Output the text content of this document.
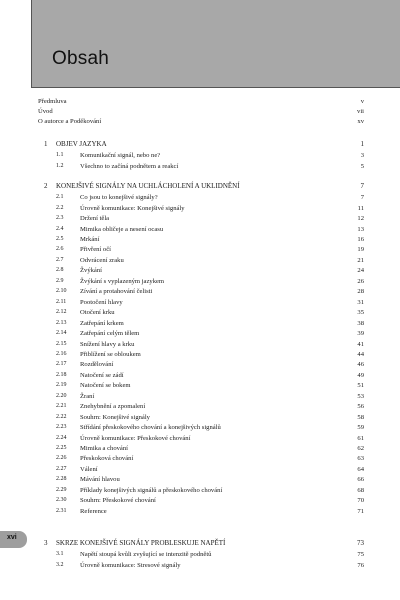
Obsah
Předmluva	v
Úvod	vii
O autorce a Poděkování	xv
1 OBJEV JAZYKA	1
1.1	Komunikační signál, nebo ne?	3
1.2	Všechno to začíná podnětem a reakcí	5
2 KONEJŠIVÉ SIGNÁLY NA UCHLÁCHOLENÍ A UKLIDNĚNÍ	7
2.1	Co jsou to konejšivé signály?	7
2.2	Úrovně komunikace: Konejšivé signály	11
2.3	Držení těla	12
2.4	Mimika obličeje a nesení ocasu	13
2.5	Mrkání	16
2.6	Přivření očí	19
2.7	Odvrácení zraku	21
2.8	Žvýkání	24
2.9	Žvýkání s vyplazeným jazykem	26
2.10 Zívání a protahování čelisti	28
2.11 Pootočení hlavy	31
2.12 Otočení krku	35
2.13 Zatřepání krkem	38
2.14 Zatřepání celým tělem	39
2.15 Snížení hlavy a krku	41
2.16 Přiblížení se obloukem	44
2.17 Rozdělování	46
2.18 Natočení se zádí	49
2.19 Natočení se bokem	51
2.20 Žraní	53
2.21 Znehybnění a zpomalení	56
2.22 Souhrn: Konejšivé signály	58
2.23 Střídání přeskokového chování a konejšivých signálů	59
2.24 Úrovně komunikace: Přeskokové chování	61
2.25 Mimika a chování	62
2.26 Přeskoková chování	63
2.27 Válení	64
2.28 Mávání hlavou	66
2.29 Příklady konejšivých signálů a přeskokového chování	68
2.30 Souhrn: Přeskokové chování	70
2.31 Reference	71
3 SKRZE KONEJŠIVÉ SIGNÁLY PROBLESKUJE NAPĚTÍ	73
3.1	Napětí stoupá kvůli zvyšující se intenzitě podnětů	75
3.2	Úrovně komunikace: Stresové signály	76
xvi
